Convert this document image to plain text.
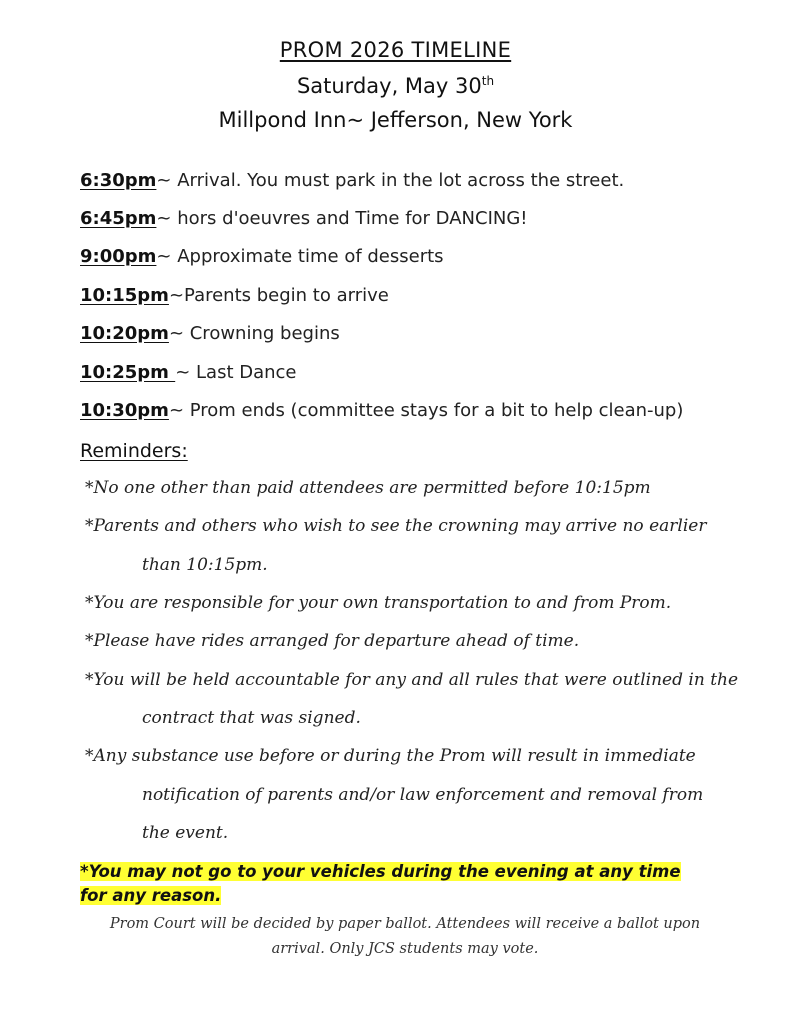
PROM 2026 TIMELINE
Saturday, May 30th
Millpond Inn~ Jefferson, New York
6:30pm~ Arrival. You must park in the lot across the street.
6:45pm~ hors d'oeuvres and Time for DANCING!
9:00pm~ Approximate time of desserts
10:15pm~Parents begin to arrive
10:20pm~ Crowning begins
10:25pm ~ Last Dance
10:30pm~ Prom ends (committee stays for a bit to help clean-up)
Reminders:
*No one other than paid attendees are permitted before 10:15pm
*Parents and others who wish to see the crowning may arrive no earlier
than 10:15pm.
*You are responsible for your own transportation to and from Prom.
*Please have rides arranged for departure ahead of time.
*You will be held accountable for any and all rules that were outlined in the
contract that was signed.
*Any substance use before or during the Prom will result in immediate
notification of parents and/or law enforcement and removal from
the event.
*You may not go to your vehicles during the evening at any time for any reason.
Prom Court will be decided by paper ballot. Attendees will receive a ballot upon arrival. Only JCS students may vote.
